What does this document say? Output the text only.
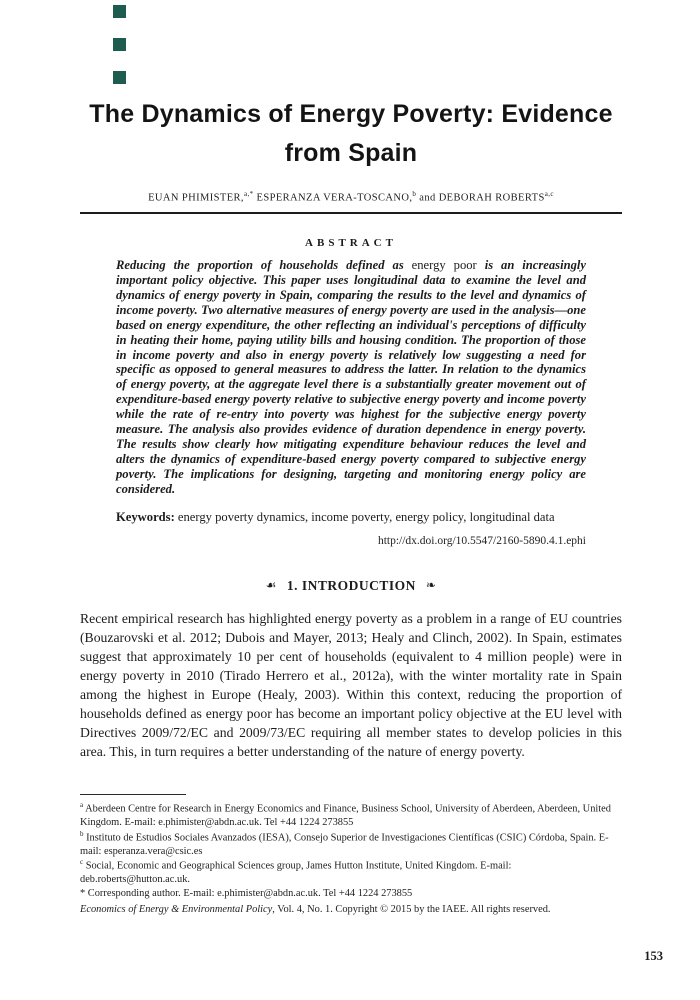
The Dynamics of Energy Poverty: Evidence
from Spain
EUAN PHIMISTER,$^{a,*}$ ESPERANZA VERA-TOSCANO,$^b$ and DEBORAH ROBERTS$^{a,c}$
ABSTRACT

Reducing the proportion of households defined as energy poor is an increasingly important policy objective. This paper uses longitudinal data to examine the level and dynamics of energy poverty in Spain, comparing the results to the level and dynamics of income poverty. Two alternative measures of energy poverty are used in the analysis—one based on energy expenditure, the other reflecting an individual's perceptions of difficulty in heating their home, paying utility bills and housing condition. The proportion of those in income poverty and also in energy poverty is relatively low suggesting a need for specific as opposed to general measures to address the latter. In relation to the dynamics of energy poverty, at the aggregate level there is a substantially greater movement out of expenditure-based energy poverty relative to subjective energy poverty and income poverty while the rate of re-entry into poverty was highest for the subjective energy poverty measure. The analysis also provides evidence of duration dependence in energy poverty. The results show clearly how mitigating expenditure behaviour reduces the level and alters the dynamics of expenditure-based energy poverty compared to subjective energy poverty. The implications for designing, targeting and monitoring energy policy are considered.

Keywords: energy poverty dynamics, income poverty, energy policy, longitudinal data

http://dx.doi.org/10.5547/2160-5890.4.1.ephi
☙ 1. INTRODUCTION ❧

Recent empirical research has highlighted energy poverty as a problem in a range of EU countries (Bouzarovski et al. 2012; Dubois and Mayer, 2013; Healy and Clinch, 2002). In Spain, estimates suggest that approximately 10 per cent of households (equivalent to 4 million people) were in energy poverty in 2010 (Tirado Herrero et al., 2012a), with the winter mortality rate in Spain among the highest in Europe (Healy, 2003). Within this context, reducing the proportion of households defined as energy poor has become an important policy objective at the EU level with Directives 2009/72/EC and 2009/73/EC requiring all member states to develop policies in this area. This, in turn requires a better understanding of the nature of energy poverty.

$^a$ Aberdeen Centre for Research in Energy Economics and Finance, Business School, University of Aberdeen, Aberdeen, United Kingdom. E-mail: e.phimister@abdn.ac.uk. Tel +44 1224 273855

$^b$ Instituto de Estudios Sociales Avanzados (IESA), Consejo Superior de Investigaciones Científicas (CSIC) Córdoba, Spain. E-mail: esperanza.vera@csic.es

$^c$ Social, Economic and Geographical Sciences group, James Hutton Institute, United Kingdom. E-mail: deb.roberts@hutton.ac.uk.

* Corresponding author. E-mail: e.phimister@abdn.ac.uk. Tel +44 1224 273855

Economics of Energy & Environmental Policy, Vol. 4, No. 1. Copyright © 2015 by the IAEE. All rights reserved.
153
